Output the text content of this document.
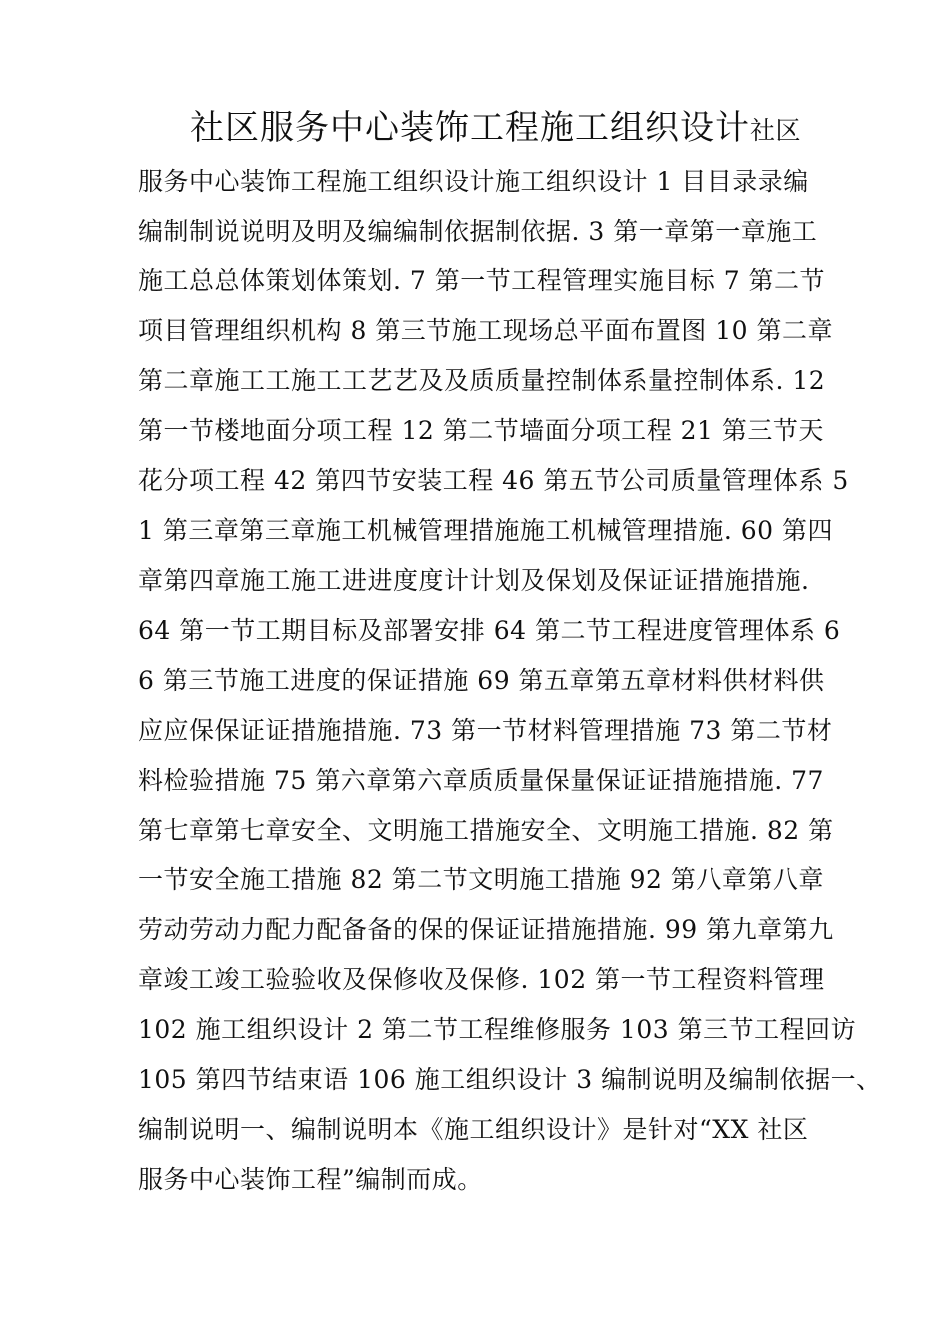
社区服务中心装饰工程施工组织设计社区
服务中心装饰工程施工组织设计施工组织设计 1 目目录录编
编制制说说明及明及编编制依据制依据. 3 第一章第一章施工
施工总总体策划体策划. 7 第一节工程管理实施目标 7 第二节
项目管理组织机构 8 第三节施工现场总平面布置图 10 第二章
第二章施工工施工工艺艺及及质质量控制体系量控制体系. 12
第一节楼地面分项工程 12 第二节墙面分项工程 21 第三节天
花分项工程 42 第四节安装工程 46 第五节公司质量管理体系 5
1 第三章第三章施工机械管理措施施工机械管理措施. 60 第四
章第四章施工施工进进度度计计划及保划及保证证措施措施.
64 第一节工期目标及部署安排 64 第二节工程进度管理体系 6
6 第三节施工进度的保证措施 69 第五章第五章材料供材料供
应应保保证证措施措施. 73 第一节材料管理措施 73 第二节材
料检验措施 75 第六章第六章质质量保量保证证措施措施. 77
第七章第七章安全、文明施工措施安全、文明施工措施. 82 第
一节安全施工措施 82 第二节文明施工措施 92 第八章第八章
劳动劳动力配力配备备的保的保证证措施措施. 99 第九章第九
章竣工竣工验验收及保修收及保修. 102 第一节工程资料管理
102 施工组织设计 2 第二节工程维修服务 103 第三节工程回访
105 第四节结束语 106 施工组织设计 3 编制说明及编制依据一、
编制说明一、编制说明本《施工组织设计》是针对“XX 社区
服务中心装饰工程”编制而成。
